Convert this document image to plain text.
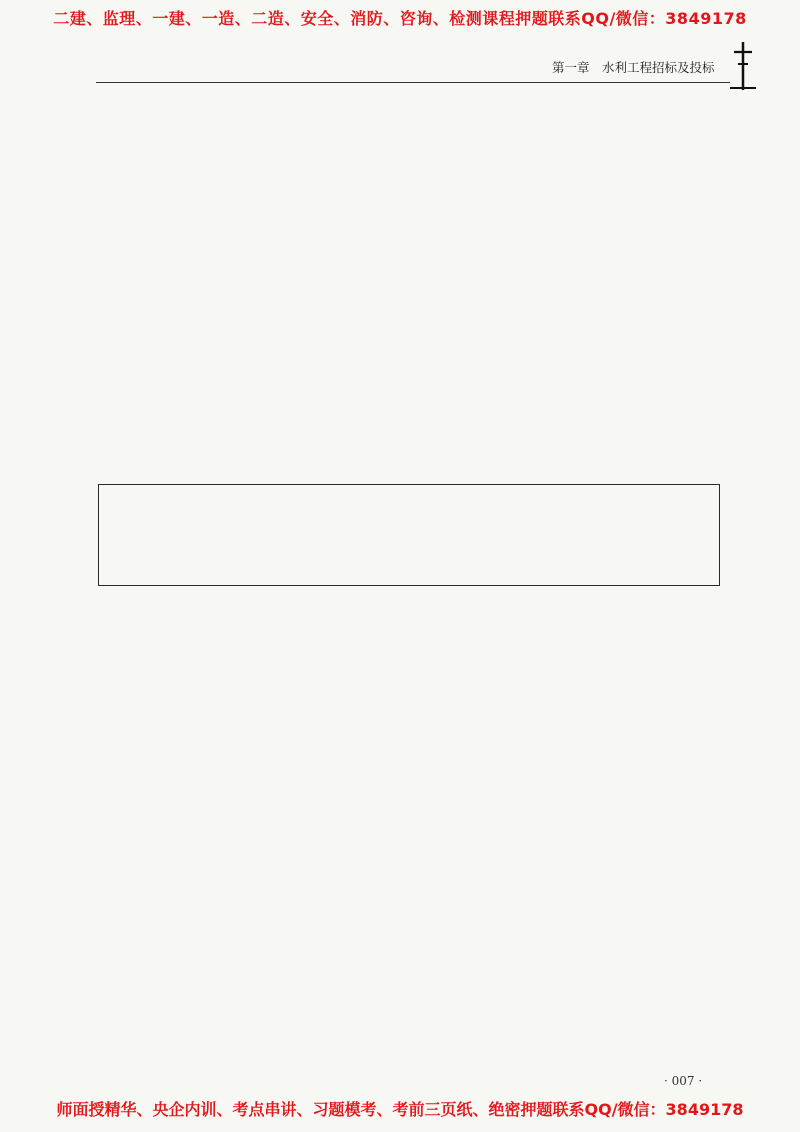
二建、监理、一建、一造、二造、安全、消防、咨询、检测课程押题联系QQ/微信：3849178
第一章　水利工程招标及投标

· 007 ·
师面授精华、央企内训、考点串讲、习题模考、考前三页纸、绝密押题联系QQ/微信：3849178
